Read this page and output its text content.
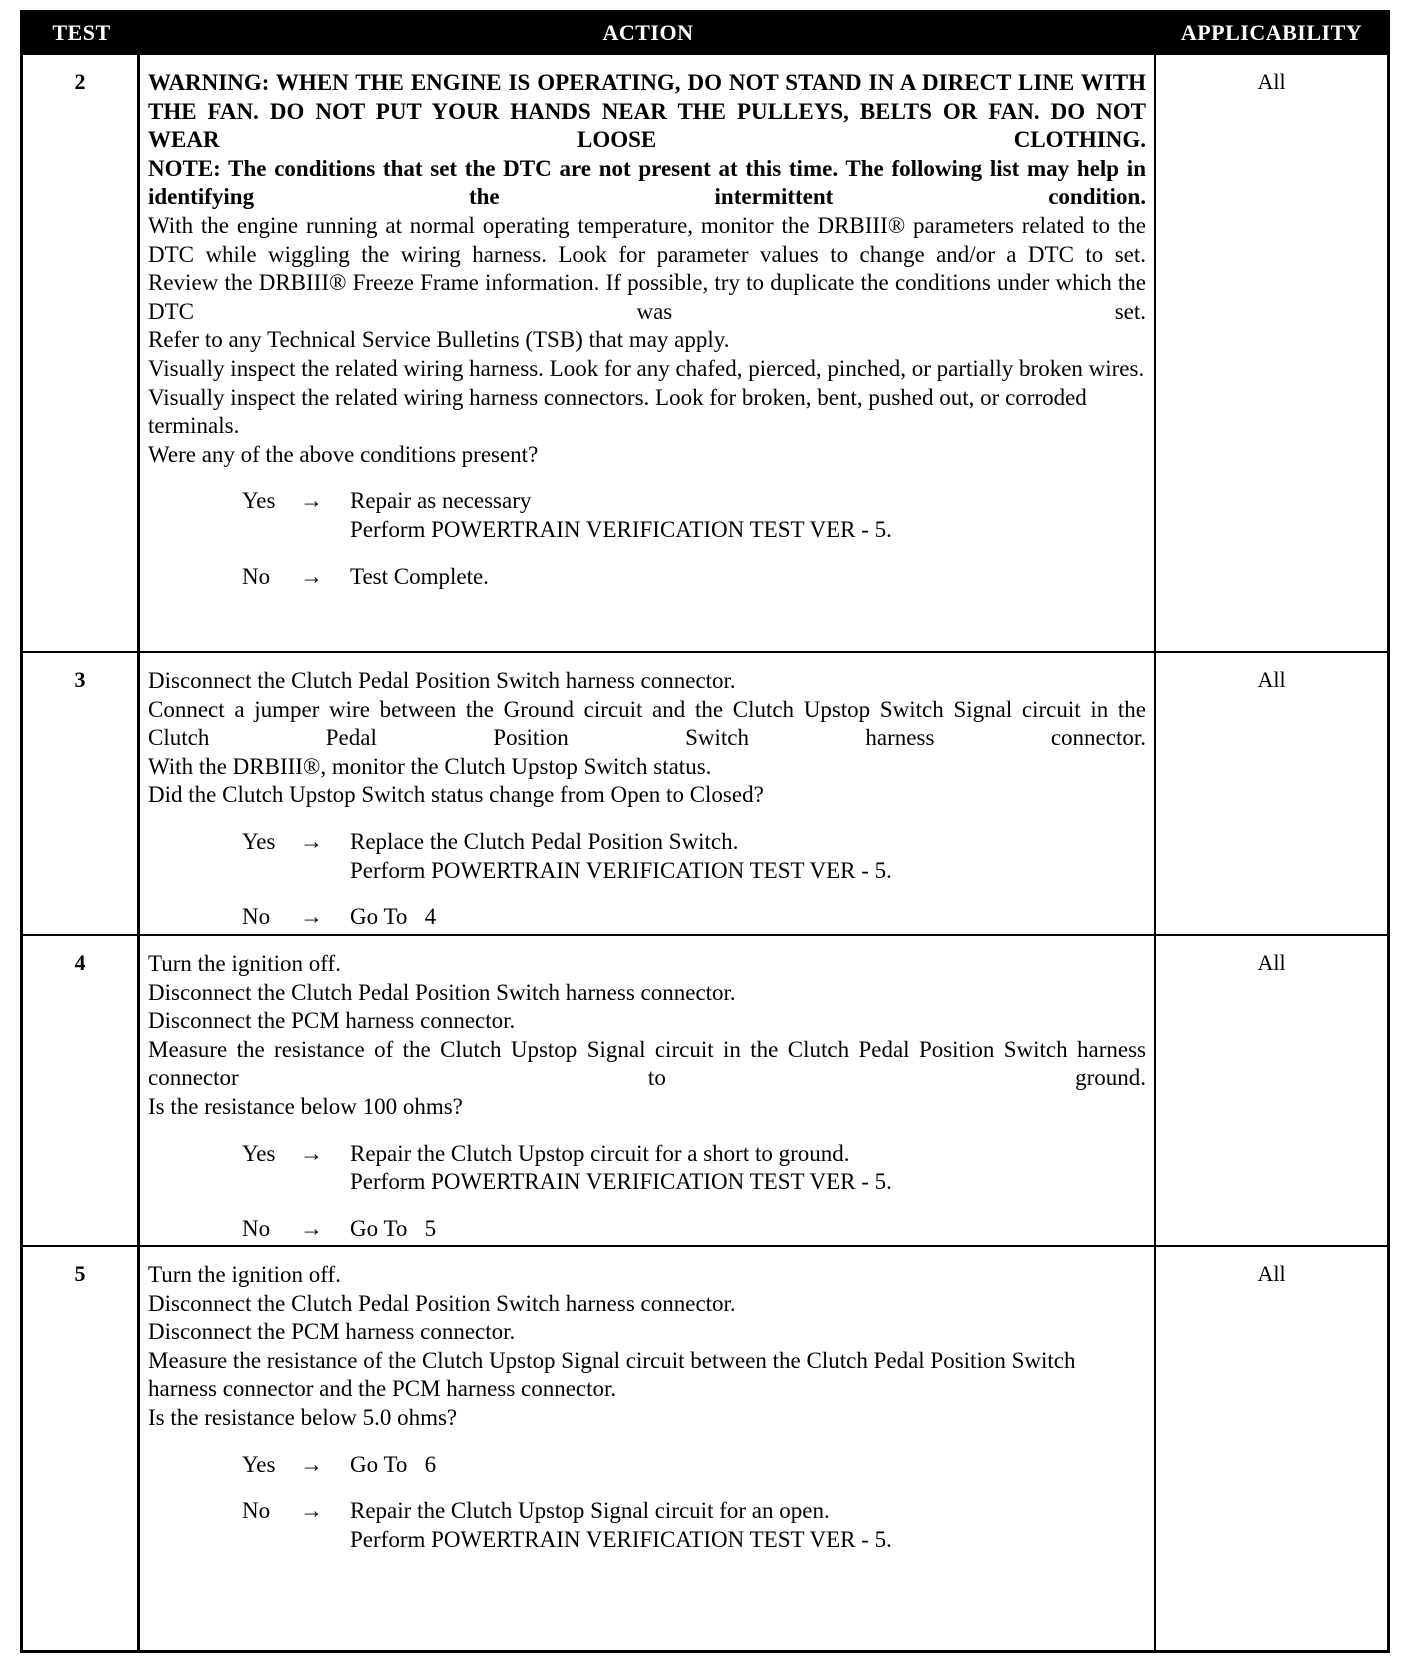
TEST	ACTION	APPLICABILITY
2	WARNING: WHEN THE ENGINE IS OPERATING, DO NOT STAND IN A DIRECT LINE WITH THE FAN. DO NOT PUT YOUR HANDS NEAR THE PULLEYS, BELTS OR FAN. DO NOT WEAR LOOSE CLOTHING.
NOTE: The conditions that set the DTC are not present at this time. The following list may help in identifying the intermittent condition.
With the engine running at normal operating temperature, monitor the DRBIII® parameters related to the DTC while wiggling the wiring harness. Look for parameter values to change and/or a DTC to set.
Review the DRBIII® Freeze Frame information. If possible, try to duplicate the conditions under which the DTC was set.
Refer to any Technical Service Bulletins (TSB) that may apply.
Visually inspect the related wiring harness. Look for any chafed, pierced, pinched, or partially broken wires.
Visually inspect the related wiring harness connectors. Look for broken, bent, pushed out, or corroded terminals.
Were any of the above conditions present?
Yes	→	Repair as necessary
Perform POWERTRAIN VERIFICATION TEST VER - 5.
No	→	Test Complete.
All
3	Disconnect the Clutch Pedal Position Switch harness connector.
Connect a jumper wire between the Ground circuit and the Clutch Upstop Switch Signal circuit in the Clutch Pedal Position Switch harness connector.
With the DRBIII®, monitor the Clutch Upstop Switch status.
Did the Clutch Upstop Switch status change from Open to Closed?
Yes	→	Replace the Clutch Pedal Position Switch.
Perform POWERTRAIN VERIFICATION TEST VER - 5.
No	→	Go To   4
All
4	Turn the ignition off.
Disconnect the Clutch Pedal Position Switch harness connector.
Disconnect the PCM harness connector.
Measure the resistance of the Clutch Upstop Signal circuit in the Clutch Pedal Position Switch harness connector to ground.
Is the resistance below 100 ohms?
Yes	→	Repair the Clutch Upstop circuit for a short to ground.
Perform POWERTRAIN VERIFICATION TEST VER - 5.
No	→	Go To   5
All
5	Turn the ignition off.
Disconnect the Clutch Pedal Position Switch harness connector.
Disconnect the PCM harness connector.
Measure the resistance of the Clutch Upstop Signal circuit between the Clutch Pedal Position Switch harness connector and the PCM harness connector.
Is the resistance below 5.0 ohms?
Yes	→	Go To   6
No	→	Repair the Clutch Upstop Signal circuit for an open.
Perform POWERTRAIN VERIFICATION TEST VER - 5.
All
